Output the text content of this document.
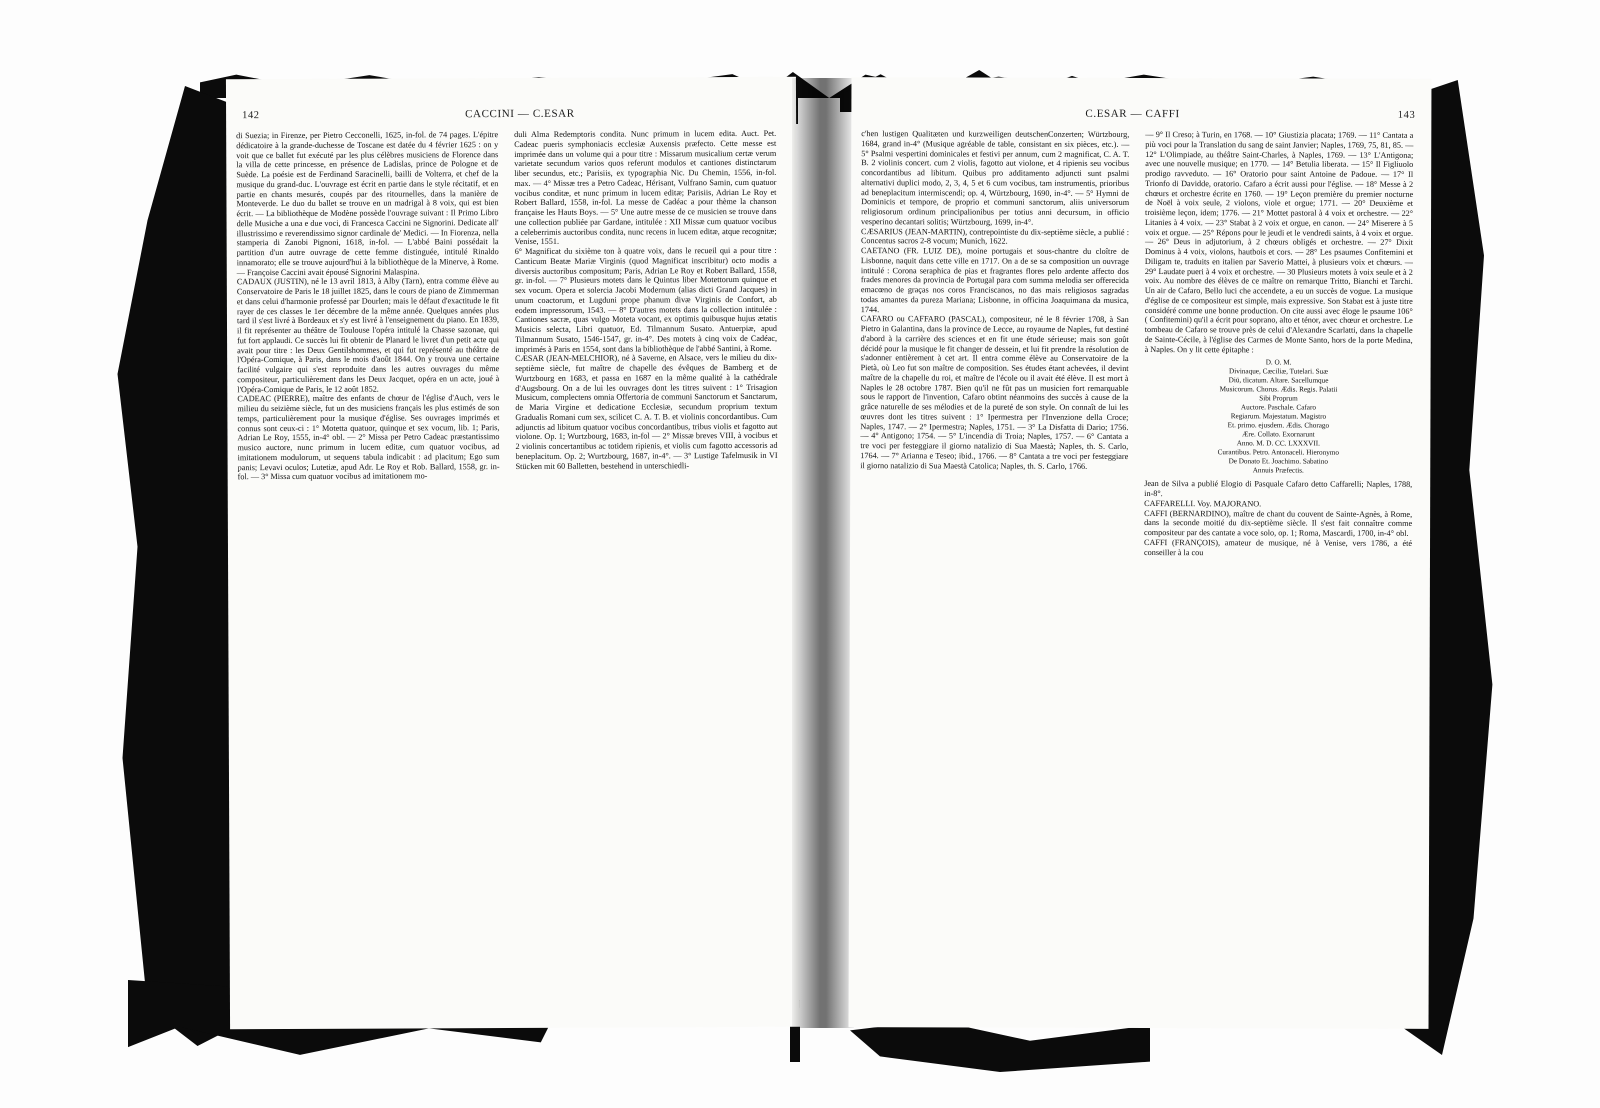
142	CACCINI — C.ESAR

di Suezia; in Firenze, per Pietro Cecconelli, 1625, in-fol. de 74 pages. L'épitre dédicatoire à la grande-duchesse de Toscane est datée du 4 février 1625 : on y voit que ce ballet fut exécuté par les plus célèbres musiciens de Florence dans la villa de cette princesse, en présence de Ladislas, prince de Pologne et de Suède. La poésie est de Ferdinand Saracinelli, bailli de Volterra, et chef de la musique du grand-duc. L'ouvrage est écrit en partie dans le style récitatif, et en partie en chants mesurés, coupés par des ritournelles, dans la manière de Monteverde. Le duo du ballet se trouve en un madrigal à 8 voix, qui est bien écrit. — La bibliothèque de Modène possède l'ouvrage suivant : Il Primo Libro delle Musiche a una e due voci, di Francesca Caccini ne Signorini. Dedicate all' illustrissimo e reverendissimo signor cardinale de' Medici. — In Fiorenza, nella stamperia di Zanobi Pignoni, 1618, in-fol. — L'abbé Baini possédait la partition d'un autre ouvrage de cette femme distinguée, intitulé Rinaldo innamorato; elle se trouve aujourd'hui à la bibliothèque de la Minerve, à Rome. — Françoise Caccini avait épousé Signorini Malaspina.

CADAUX (JUSTIN), né le 13 avril 1813, à Alby (Tarn), entra comme élève au Conservatoire de Paris le 18 juillet 1825, dans le cours de piano de Zimmerman et dans celui d'harmonie professé par Dourlen; mais le défaut d'exactitude le fit rayer de ces classes le 1er décembre de la même année. Quelques années plus tard il s'est livré à Bordeaux et s'y est livré à l'enseignement du piano. En 1839, il fit représenter au théâtre de Toulouse l'opéra intitulé la Chasse sazonae, qui fut fort applaudi. Ce succès lui fit obtenir de Planard le livret d'un petit acte qui avait pour titre : les Deux Gentilshommes, et qui fut représenté au théâtre de l'Opéra-Comique, à Paris, dans le mois d'août 1844. On y trouva une certaine facilité vulgaire qui s'est reproduite dans les autres ouvrages du même compositeur, particulièrement dans les Deux Jacquet, opéra en un acte, joué à l'Opéra-Comique de Paris, le 12 août 1852.

CADEAC (PIERRE), maître des enfants de chœur de l'église d'Auch, vers le milieu du seizième siècle, fut un des musiciens français les plus estimés de son temps, particulièrement pour la musique d'église. Ses ouvrages imprimés et connus sont ceux-ci : 1° Motetta quatuor, quinque et sex vocum, lib. 1; Paris, Adrian Le Roy, 1555, in-4° obl. — 2° Missa per Petro Cadeac præstantissimo musico auctore, nunc primum in lucem editæ, cum quatuor vocibus, ad imitationem modulorum, ut sequens tabula indicabit : ad placitum; Ego sum panis; Levavi oculos; Lutetiæ, apud Adr. Le Roy et Rob. Ballard, 1558, gr. in-fol. — 3° Missa cum quatuor vocibus ad imitationem mo-

duli Alma Redemptoris condita. Nunc primum in lucem edita. Auct. Pet. Cadeac pueris symphoniacis ecclesiæ Auxensis præfecto. Cette messe est imprimée dans un volume qui a pour titre : Missarum musicalium certæ verum varietate secundum varios quos referunt modulos et cantiones distinctarum liber secundus, etc.; Parisiis, ex typographia Nic. Du Chemin, 1556, in-fol. max. — 4° Missæ tres a Petro Cadeac, Hérisant, Vulfrano Samin, cum quatuor vocibus conditæ, et nunc primum in lucem editæ; Parisiis, Adrian Le Roy et Robert Ballard, 1558, in-fol. La messe de Cadéac a pour thème la chanson française les Hauts Boys. — 5° Une autre messe de ce musicien se trouve dans une collection publiée par Gardane, intitulée : XII Missæ cum quatuor vocibus a celeberrimis auctoribus condita, nunc recens in lucem editæ, atque recognitæ; Venise, 1551.

6° Magnificat du sixième ton à quatre voix, dans le recueil qui a pour titre : Canticum Beatæ Mariæ Virginis (quod Magnificat inscribitur) octo modis a diversis auctoribus compositum; Paris, Adrian Le Roy et Robert Ballard, 1558, gr. in-fol. — 7° Plusieurs motets dans le Quintus liber Motettorum quinque et sex vocum. Opera et solercia Jacobi Modernum (alias dicti Grand Jacques) in unum coactorum, et Lugduni prope phanum divæ Virginis de Confort, ab eodem impressorum, 1543. — 8° D'autres motets dans la collection intitulée : Cantiones sacræ, quas vulgo Moteta vocant, ex optimis quibusque hujus ætatis Musicis selecta, Libri quatuor, Ed. Tilmannum Susato. Antuerpiæ, apud Tilmannum Susato, 1546-1547, gr. in-4°. Des motets à cinq voix de Cadéac, imprimés à Paris en 1554, sont dans la bibliothèque de l'abbé Santini, à Rome.

CÆSAR (JEAN-MELCHIOR), né à Saverne, en Alsace, vers le milieu du dix-septième siècle, fut maître de chapelle des évêques de Bamberg et de Wurtzbourg en 1683, et passa en 1687 en la même qualité à la cathédrale d'Augsbourg. On a de lui les ouvrages dont les titres suivent : 1° Trisagion Musicum, complectens omnia Offertoria de communi Sanctorum et Sanctarum, de Maria Virgine et dedicatione Ecclesiæ, secundum proprium textum Gradualis Romani cum sex, scilicet C. A. T. B. et violinis concordantibus. Cum adjunctis ad libitum quatuor vocibus concordantibus, tribus violis et fagotto aut violone. Op. 1; Wurtzbourg, 1683, in-fol — 2° Missæ breves VIII, à vocibus et 2 violinis concertantibus ac totidem ripienis, et violis cum fagotto accessoris ad beneplacitum. Op. 2; Wurtzbourg, 1687, in-4°. — 3° Lustige Tafelmusik in VI Stücken mit 60 Balletten, bestehend in unterschiedli-

C.ESAR — CAFFI	143

c'hen lustigen Qualitæten und kurzweiligen deutschenConzerten; Würtzbourg, 1684, grand in-4° (Musique agréable de table, consistant en six pièces, etc.). — 5° Psalmi vespertini dominicales et festivi per annum, cum 2 magnificat, C. A. T. B. 2 violinis concert. cum 2 violis, fagotto aut violone, et 4 ripienis seu vocibus concordantibus ad libitum. Quibus pro additamento adjuncti sunt psalmi alternativi duplici modo, 2, 3, 4, 5 et 6 cum vocibus, tam instrumentis, prioribus ad beneplacitum intermiscendi; op. 4, Würtzbourg, 1690, in-4°. — 5° Hymni de Dominicis et tempore, de proprio et communi sanctorum, aliis universorum religiosorum ordinum principalionibus per totius anni decursum, in officio vesperino decantari solitis; Würtzbourg, 1699, in-4°.

CÆSARIUS (JEAN-MARTIN), contrepointiste du dix-septième siècle, a publié : Concentus sacros 2-8 vocum; Munich, 1622.

CAETANO (FR. LUIZ DE), moine portugais et sous-chantre du cloître de Lisbonne, naquit dans cette ville en 1717. On a de se sa composition un ouvrage intitulé : Corona seraphica de pias et fragrantes flores pelo ardente affecto dos frades menores da provincia de Portugal para com summa melodia ser offerecida emacœno de graças nos coros Franciscanos, no das mais religiosos sagradas todas amantes da pureza Mariana; Lisbonne, in officina Joaquimana da musica, 1744.

CAFARO ou CAFFARO (PASCAL), compositeur, né le 8 février 1708, à San Pietro in Galantina, dans la province de Lecce, au royaume de Naples, fut destiné d'abord à la carrière des sciences et en fit une étude sérieuse; mais son goût décidé pour la musique le fit changer de dessein, et lui fit prendre la résolution de s'adonner entièrement à cet art. Il entra comme élève au Conservatoire de la Pietà, où Leo fut son maître de composition. Ses études étant achevées, il devint maître de la chapelle du roi, et maître de l'école ou il avait été élève. Il est mort à Naples le 28 octobre 1787. Bien qu'il ne fût pas un musicien fort remarquable sous le rapport de l'invention, Cafaro obtint néanmoins des succès à cause de la grâce naturelle de ses mélodies et de la pureté de son style. On connaît de lui les œuvres dont les titres suivent : 1° Ipermestra per l'Invenzione della Croce; Naples, 1747. — 2° Ipermestra; Naples, 1751. — 3° La Disfatta di Dario; 1756. — 4° Antigono; 1754. — 5° L'incendia di Troia; Naples, 1757. — 6° Cantata a tre voci per festeggiare il giorno natalizio di Sua Maestà; Naples, th. S. Carlo, 1764. — 7° Arianna e Teseo; ibid., 1766. — 8° Cantata a tre voci per festeggiare il giorno natalizio di Sua Maestà Catolica; Naples, th. S. Carlo, 1766.

— 9° Il Creso; à Turin, en 1768. — 10° Giustizia placata; 1769. — 11° Cantata a più voci pour la Translation du sang de saint Janvier; Naples, 1769, 75, 81, 85. — 12° L'Olimpiade, au théâtre Saint-Charles, à Naples, 1769. — 13° L'Antigona; avec une nouvelle musique; en 1770. — 14° Betulia liberata. — 15° Il Figliuolo prodigo ravveduto. — 16° Oratorio pour saint Antoine de Padoue. — 17° Il Trionfo di Davidde, oratorio. Cafaro a écrit aussi pour l'église. — 18° Messe à 2 chœurs et orchestre écrite en 1760. — 19° Leçon première du premier nocturne de Noël à voix seule, 2 violons, viole et orgue; 1771. — 20° Deuxième et troisième leçon, idem; 1776. — 21° Mottet pastoral à 4 voix et orchestre. — 22° Litanies à 4 voix. — 23° Stabat à 2 voix et orgue, en canon. — 24° Miserere à 5 voix et orgue. — 25° Répons pour le jeudi et le vendredi saints, à 4 voix et orgue. — 26° Deus in adjutorium, à 2 chœurs obligés et orchestre. — 27° Dixit Dominus à 4 voix, violons, hautbois et cors. — 28° Les psaumes Confitemini et Diligam te, traduits en italien par Saverio Mattei, à plusieurs voix et chœurs. — 29° Laudate pueri à 4 voix et orchestre. — 30 Plusieurs motets à voix seule et à 2 voix. Au nombre des élèves de ce maître on remarque Tritto, Bianchi et Tarchi. Un air de Cafaro, Bello luci che accendete, a eu un succès de vogue. La musique d'église de ce compositeur est simple, mais expressive. Son Stabat est à juste titre considéré comme une bonne production. On cite aussi avec éloge le psaume 106° ( Confitemini) qu'il a écrit pour soprano, alto et ténor, avec chœur et orchestre. Le tombeau de Cafaro se trouve près de celui d'Alexandre Scarlatti, dans la chapelle de Sainte-Cécile, à l'église des Carmes de Monte Santo, hors de la porte Medina, à Naples. On y lit cette épitaphe :

D. O. M.
Divinaque, Cæciliæ, Tutelari. Suæ
Diū, tlicatum. Altare. Sacellumque
Musicorum. Chorus. Ædis. Regis. Palatii
Sibi Proprum
Auctore. Paschale. Cafaro
Regiarum. Majestatum. Magistro
Et. primo. ejusdem. Ædis. Chorago
Ære. Collato. Exornarunt
Anno. M. D. CC. LXXXVII.
Curantibus. Petro. Antonaceli. Hieronymo
De Donato Et. Joachimo. Sabatino
Annuis Præfectis.

Jean de Silva a publié Elogio di Pasquale Cafaro detto Caffarelli; Naples, 1788, in-8°.

CAFFARELLI. Voy. MAJORANO.

CAFFI (BERNARDINO), maître de chant du couvent de Sainte-Agnès, à Rome, dans la seconde moitié du dix-septième siècle. Il s'est fait connaître comme compositeur par des cantate a voce solo, op. 1; Roma, Mascardi, 1700, in-4° obl.

CAFFI (FRANÇOIS), amateur de musique, né à Venise, vers 1786, a été conseiller à la cou
